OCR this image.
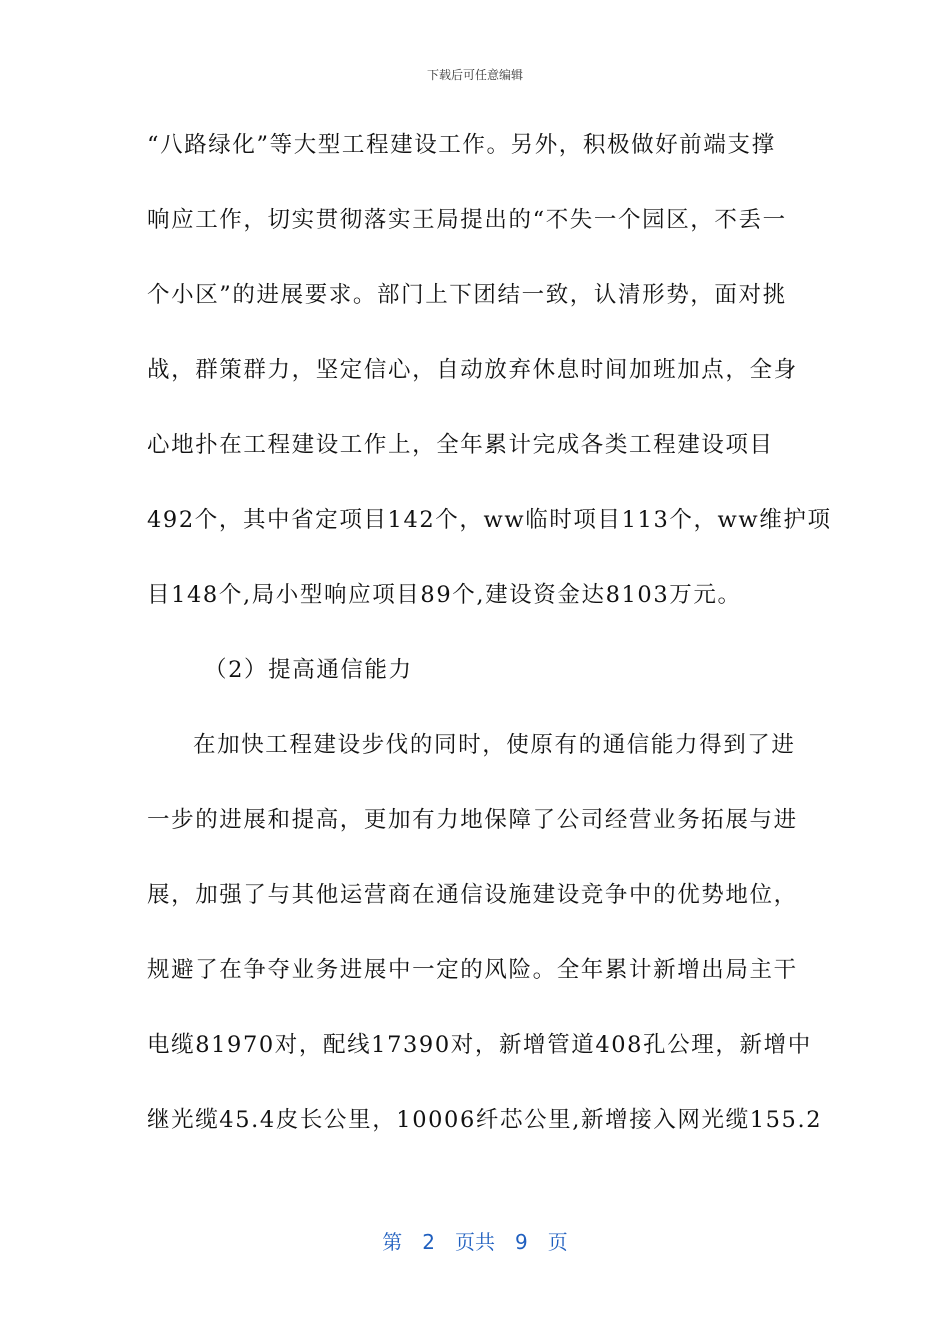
下载后可任意编辑
“八路绿化”等大型工程建设工作。另外，积极做好前端支撑
响应工作，切实贯彻落实王局提出的“不失一个园区，不丢一
个小区”的进展要求。部门上下团结一致，认清形势，面对挑
战，群策群力，坚定信心，自动放弃休息时间加班加点，全身
心地扑在工程建设工作上，全年累计完成各类工程建设项目
492个，其中省定项目142个，ww临时项目113个，ww维护项
目148个,局小型响应项目89个,建设资金达8103万元。
（2）提高通信能力
在加快工程建设步伐的同时，使原有的通信能力得到了进
一步的进展和提高，更加有力地保障了公司经营业务拓展与进
展，加强了与其他运营商在通信设施建设竞争中的优势地位，
规避了在争夺业务进展中一定的风险。全年累计新增出局主干
电缆81970对，配线17390对，新增管道408孔公理，新增中
继光缆45.4皮长公里，10006纤芯公里,新增接入网光缆155.2
第 2 页共 9 页
